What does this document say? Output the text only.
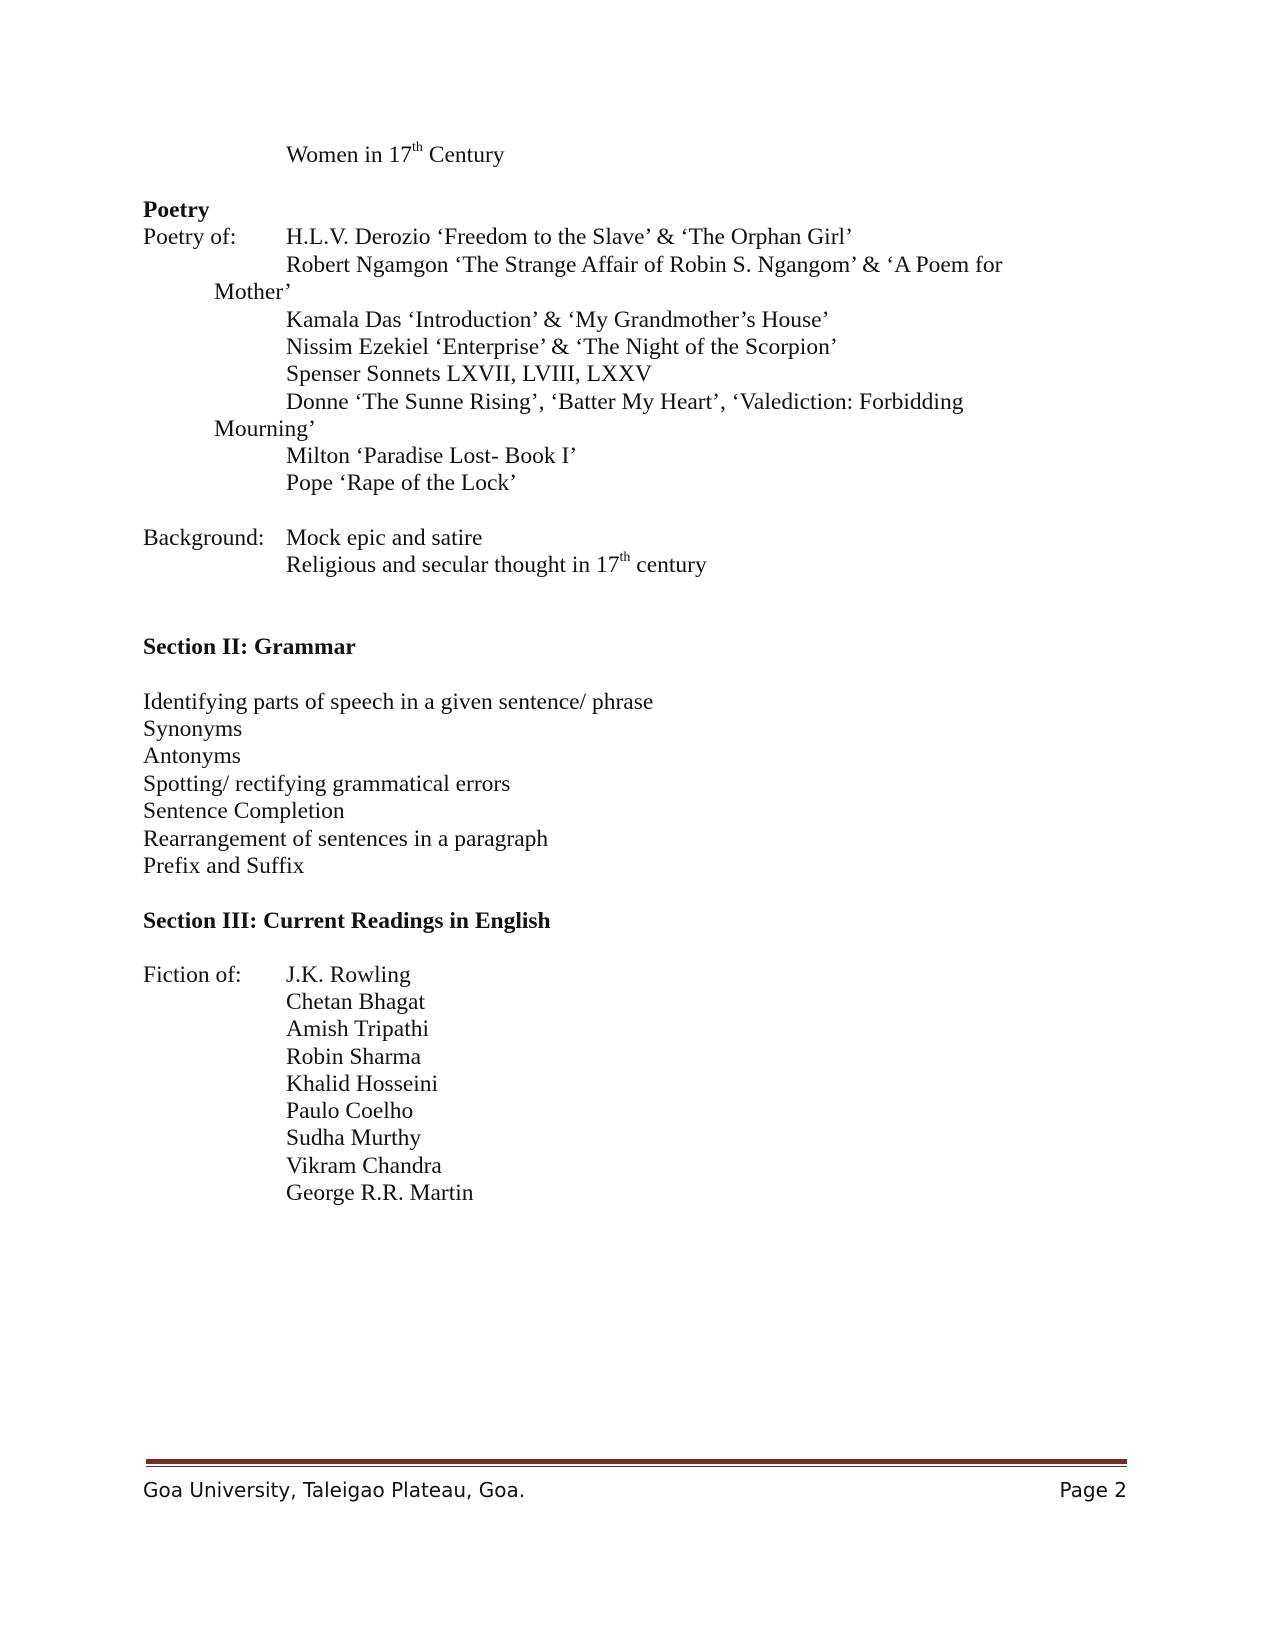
Women in 17th Century
Poetry
Poetry of: H.L.V. Derozio ‘Freedom to the Slave’ & ‘The Orphan Girl’
Robert Ngamgon ‘The Strange Affair of Robin S. Ngangom’ & ‘A Poem for
Mother’
Kamala Das ‘Introduction’ & ‘My Grandmother’s House’
Nissim Ezekiel ‘Enterprise’ & ‘The Night of the Scorpion’
Spenser Sonnets LXVII, LVIII, LXXV
Donne ‘The Sunne Rising’, ‘Batter My Heart’, ‘Valediction: Forbidding
Mourning’
Milton ‘Paradise Lost- Book I’
Pope ‘Rape of the Lock’
Background: Mock epic and satire
Religious and secular thought in 17th century
Section II: Grammar
Identifying parts of speech in a given sentence/ phrase
Synonyms
Antonyms
Spotting/ rectifying grammatical errors
Sentence Completion
Rearrangement of sentences in a paragraph
Prefix and Suffix
Section III: Current Readings in English
Fiction of: J.K. Rowling
Chetan Bhagat
Amish Tripathi
Robin Sharma
Khalid Hosseini
Paulo Coelho
Sudha Murthy
Vikram Chandra
George R.R. Martin
Goa University, Taleigao Plateau, Goa.	Page 2
